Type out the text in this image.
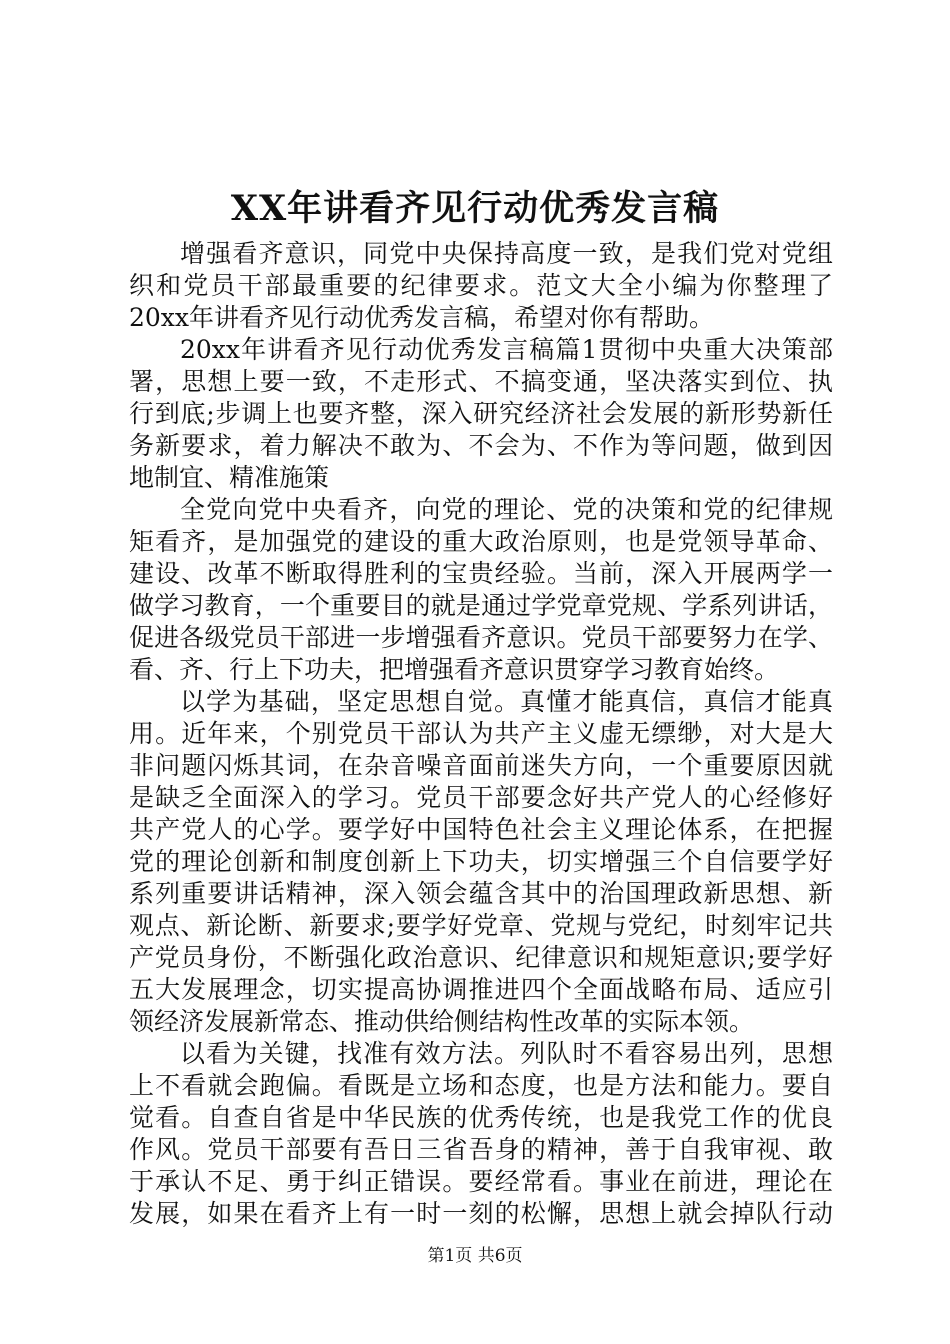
XX年讲看齐见行动优秀发言稿
增强看齐意识，同党中央保持高度一致，是我们党对党组
织和党员干部最重要的纪律要求。范文大全小编为你整理了
20xx年讲看齐见行动优秀发言稿，希望对你有帮助。
20xx年讲看齐见行动优秀发言稿篇1贯彻中央重大决策部
署，思想上要一致，不走形式、不搞变通，坚决落实到位、执
行到底;步调上也要齐整，深入研究经济社会发展的新形势新任
务新要求，着力解决不敢为、不会为、不作为等问题，做到因
地制宜、精准施策
全党向党中央看齐，向党的理论、党的决策和党的纪律规
矩看齐，是加强党的建设的重大政治原则，也是党领导革命、
建设、改革不断取得胜利的宝贵经验。当前，深入开展两学一
做学习教育，一个重要目的就是通过学党章党规、学系列讲话，
促进各级党员干部进一步增强看齐意识。党员干部要努力在学、
看、齐、行上下功夫，把增强看齐意识贯穿学习教育始终。
以学为基础，坚定思想自觉。真懂才能真信，真信才能真
用。近年来，个别党员干部认为共产主义虚无缥缈，对大是大
非问题闪烁其词，在杂音噪音面前迷失方向，一个重要原因就
是缺乏全面深入的学习。党员干部要念好共产党人的心经修好
共产党人的心学。要学好中国特色社会主义理论体系，在把握
党的理论创新和制度创新上下功夫，切实增强三个自信要学好
系列重要讲话精神，深入领会蕴含其中的治国理政新思想、新
观点、新论断、新要求;要学好党章、党规与党纪，时刻牢记共
产党员身份，不断强化政治意识、纪律意识和规矩意识;要学好
五大发展理念，切实提高协调推进四个全面战略布局、适应引
领经济发展新常态、推动供给侧结构性改革的实际本领。
以看为关键，找准有效方法。列队时不看容易出列，思想
上不看就会跑偏。看既是立场和态度，也是方法和能力。要自
觉看。自查自省是中华民族的优秀传统，也是我党工作的优良
作风。党员干部要有吾日三省吾身的精神，善于自我审视、敢
于承认不足、勇于纠正错误。要经常看。事业在前进，理论在
发展，如果在看齐上有一时一刻的松懈，思想上就会掉队行动
第1页 共6页
